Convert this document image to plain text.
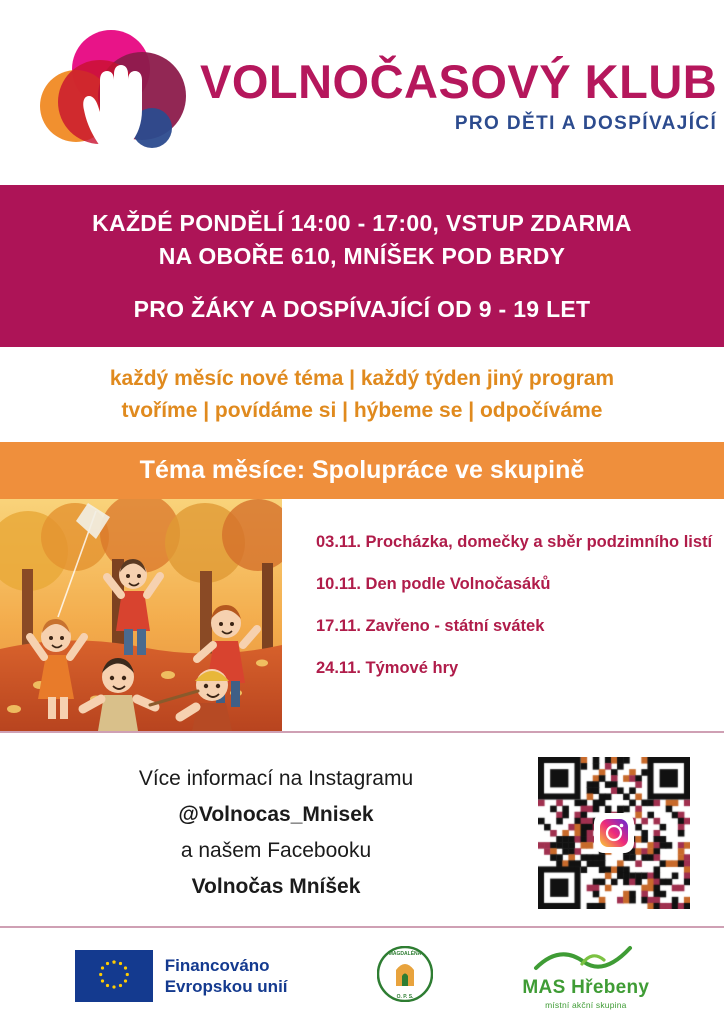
VOLNOČASOVÝ KLUB
PRO DĚTI A DOSPÍVAJÍCÍ
KAŽDÉ PONDĚLÍ 14:00 - 17:00, VSTUP ZDARMA
NA OBOŘE 610, MNÍŠEK POD BRDY
PRO ŽÁKY A DOSPÍVAJÍCÍ OD 9 - 19 LET
každý měsíc nové téma | každý týden jiný program
tvoříme | povídáme si | hýbeme se | odpočíváme
Téma měsíce: Spolupráce ve skupině
03.11. Procházka, domečky a sběr podzimního listí
10.11. Den podle Volnočasáků
17.11. Zavřeno - státní svátek
24.11. Týmové hry
Více informací na Instagramu
@Volnocas_Mnisek
a našem Facebooku
Volnočas Mníšek
Financováno
Evropskou unií
MAGDALÉNA
O. P. S.	MAS Hřebeny
místní akční skupina
